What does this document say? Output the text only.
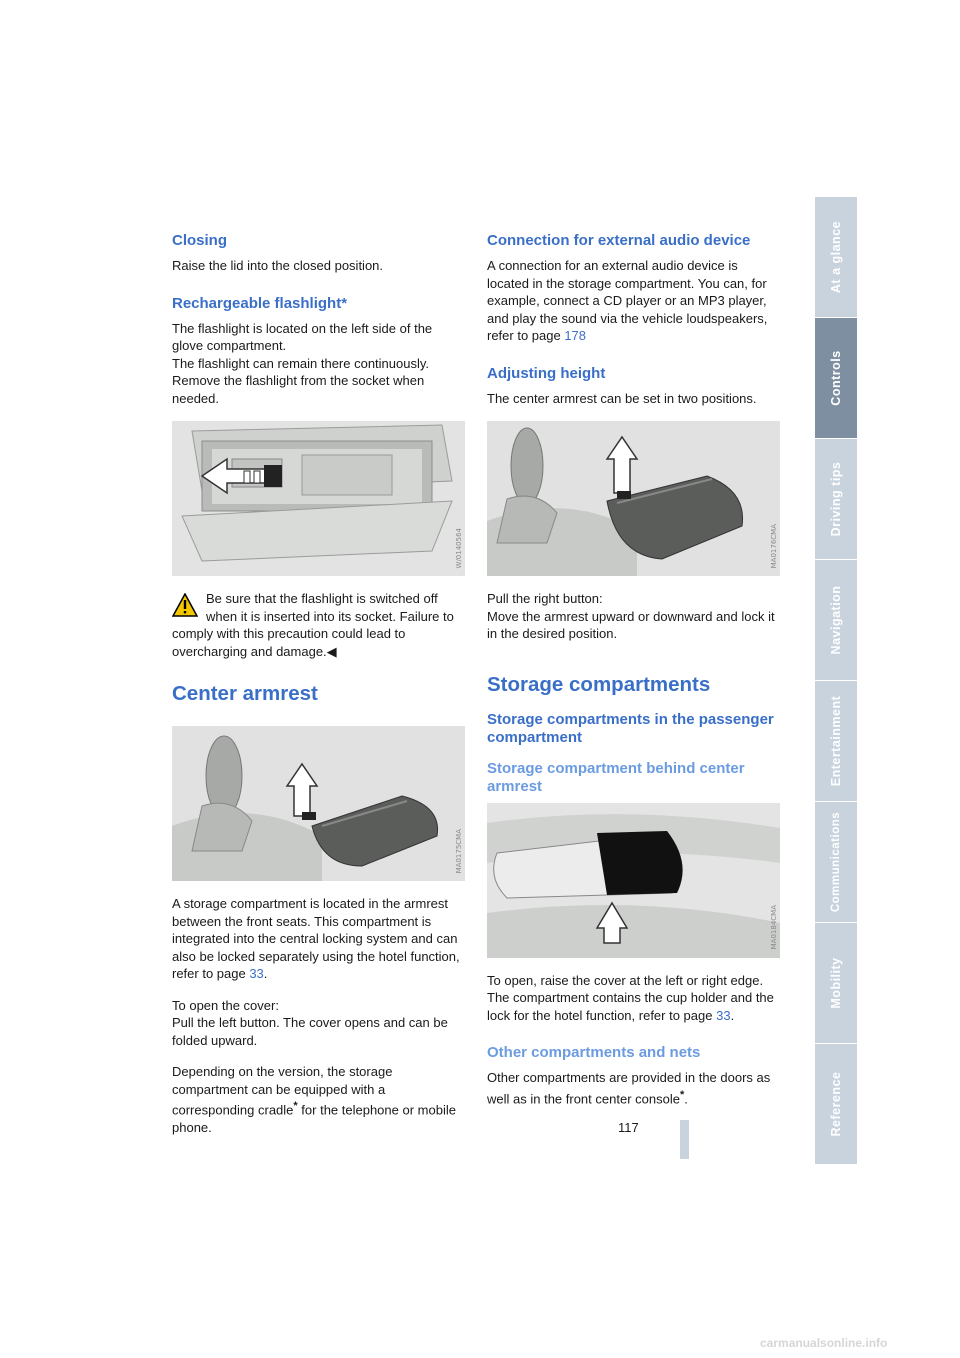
Closing

Raise the lid into the closed position.

Rechargeable flashlight*

The flashlight is located on the left side of the glove compartment.

The flashlight can remain there continuously. Remove the flashlight from the socket when needed.

W/0140564

Be sure that the flashlight is switched off
when it is inserted into its socket. Failure to comply with this precaution could lead to overcharging and damage.◀

Center armrest
MA0175CMA

A storage compartment is located in the armrest between the front seats. This compartment is integrated into the central locking system and can also be locked separately using the hotel function, refer to page 33.

To open the cover:
Pull the left button. The cover opens and can be folded upward.

Depending on the version, the storage compartment can be equipped with a corresponding cradle* for the telephone or mobile phone.

Connection for external audio device

A connection for an external audio device is located in the storage compartment. You can, for example, connect a CD player or an MP3 player, and play the sound via the vehicle loudspeakers, refer to page 178

Adjusting height

The center armrest can be set in two positions.

MA0176CMA

Pull the right button:
Move the armrest upward or downward and lock it in the desired position.

Storage compartments
Storage compartments in the passenger compartment
Storage compartment behind center armrest
MA0184CMA

To open, raise the cover at the left or right edge. The compartment contains the cup holder and the lock for the hotel function, refer to page 33.

Other compartments and nets

Other compartments are provided in the doors as well as in the front center console*.

At a glance
Controls
Driving tips
Navigation
Entertainment
Communications
Mobility
Reference
117
carmanualsonline.info
